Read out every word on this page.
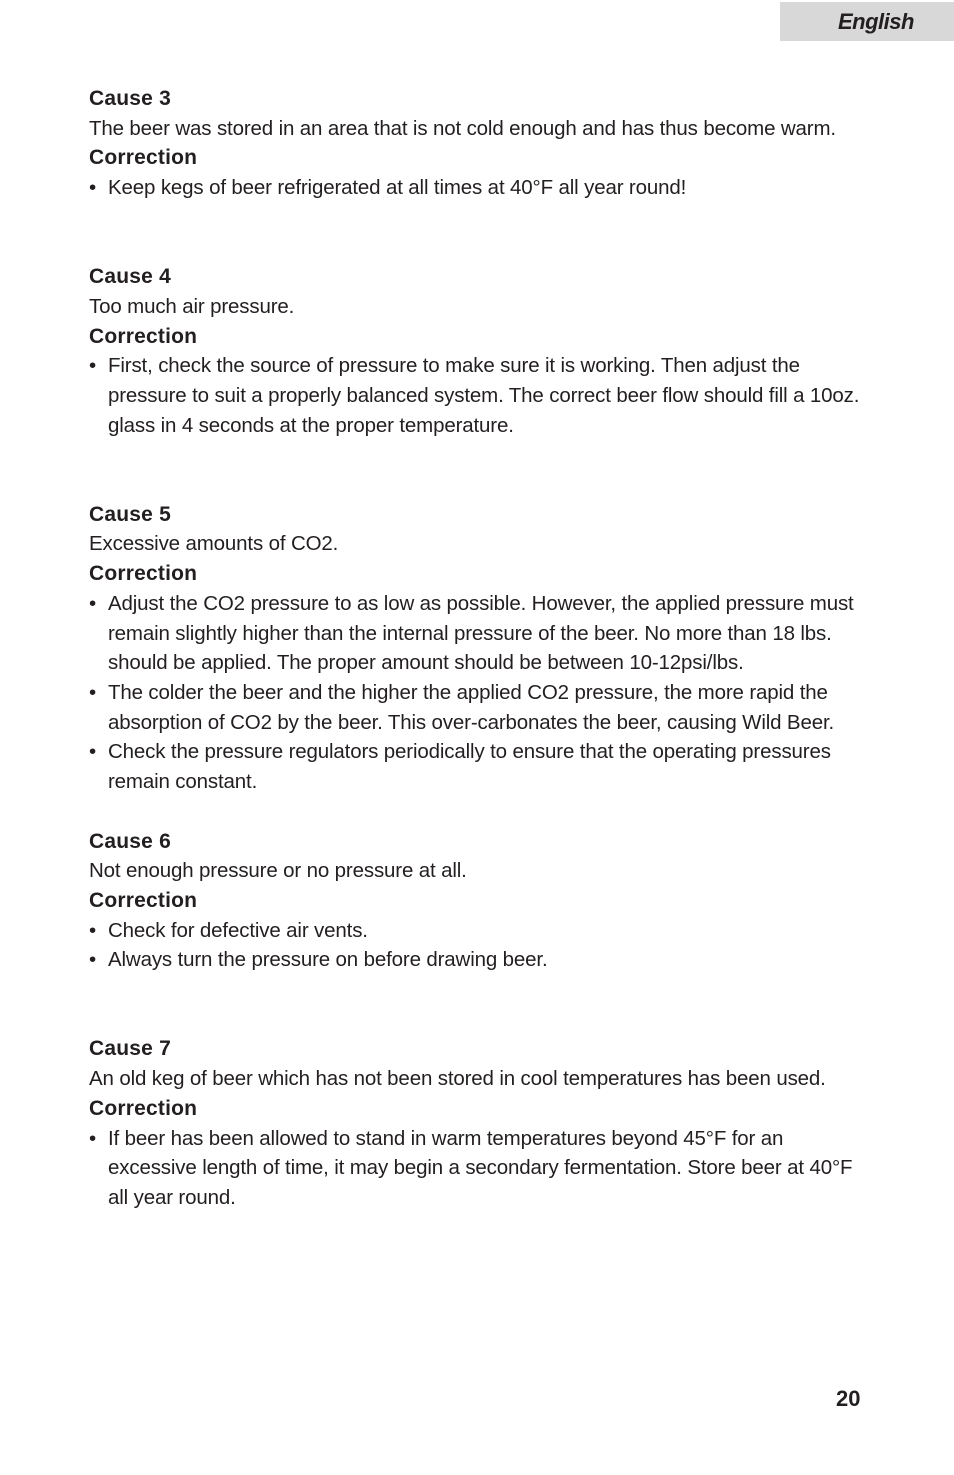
English
Cause 3
The beer was stored in an area that is not cold enough and has thus become warm.
Correction
• Keep kegs of beer refrigerated at all times at 40°F all year round!
Cause 4
Too much air pressure.
Correction
• First, check the source of pressure to make sure it is working. Then adjust the pressure to suit a properly balanced system. The correct beer flow should fill a 10oz. glass in 4 seconds at the proper temperature.
Cause 5
Excessive amounts of CO2.
Correction
• Adjust the CO2 pressure to as low as possible. However, the applied pressure must remain slightly higher than the internal pressure of the beer. No more than 18 lbs. should be applied. The proper amount should be between 10-12psi/lbs.
• The colder the beer and the higher the applied CO2 pressure, the more rapid the absorption of CO2 by the beer. This over-carbonates the beer, causing Wild Beer.
• Check the pressure regulators periodically to ensure that the operating pressures remain constant.
Cause 6
Not enough pressure or no pressure at all.
Correction
• Check for defective air vents.
• Always turn the pressure on before drawing beer.
Cause 7
An old keg of beer which has not been stored in cool temperatures has been used.
Correction
• If beer has been allowed to stand in warm temperatures beyond 45°F for an excessive length of time, it may begin a secondary fermentation. Store beer at 40°F all year round.
20
